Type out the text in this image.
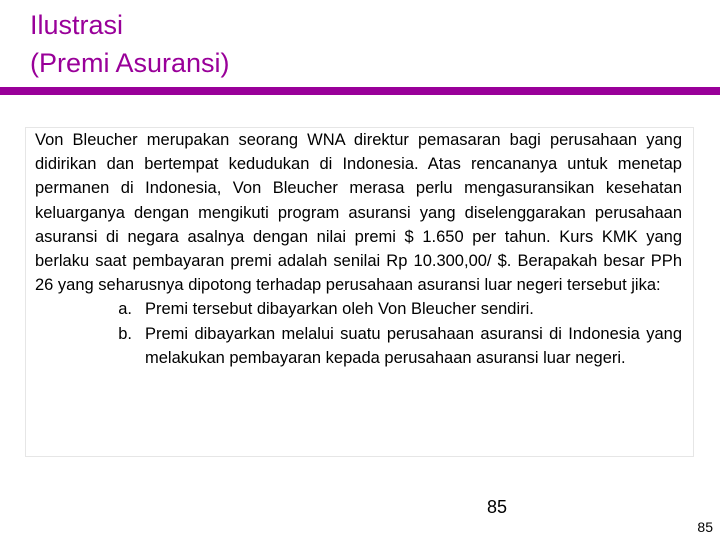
Ilustrasi
(Premi Asuransi)

Von Bleucher merupakan seorang WNA direktur pemasaran bagi perusahaan yang didirikan dan bertempat kedudukan di Indonesia. Atas rencananya untuk menetap permanen di Indonesia, Von Bleucher merasa perlu mengasuransikan kesehatan keluarganya dengan mengikuti program asuransi yang diselenggarakan perusahaan asuransi di negara asalnya dengan nilai premi $ 1.650 per tahun. Kurs KMK yang berlaku saat pembayaran premi adalah senilai Rp 10.300,00/ $. Berapakah besar PPh 26 yang seharusnya dipotong terhadap perusahaan asuransi luar negeri tersebut jika:

a. Premi tersebut dibayarkan oleh Von Bleucher sendiri.
b. Premi dibayarkan melalui suatu perusahaan asuransi di Indonesia yang melakukan pembayaran kepada perusahaan asuransi luar negeri.
85
85
